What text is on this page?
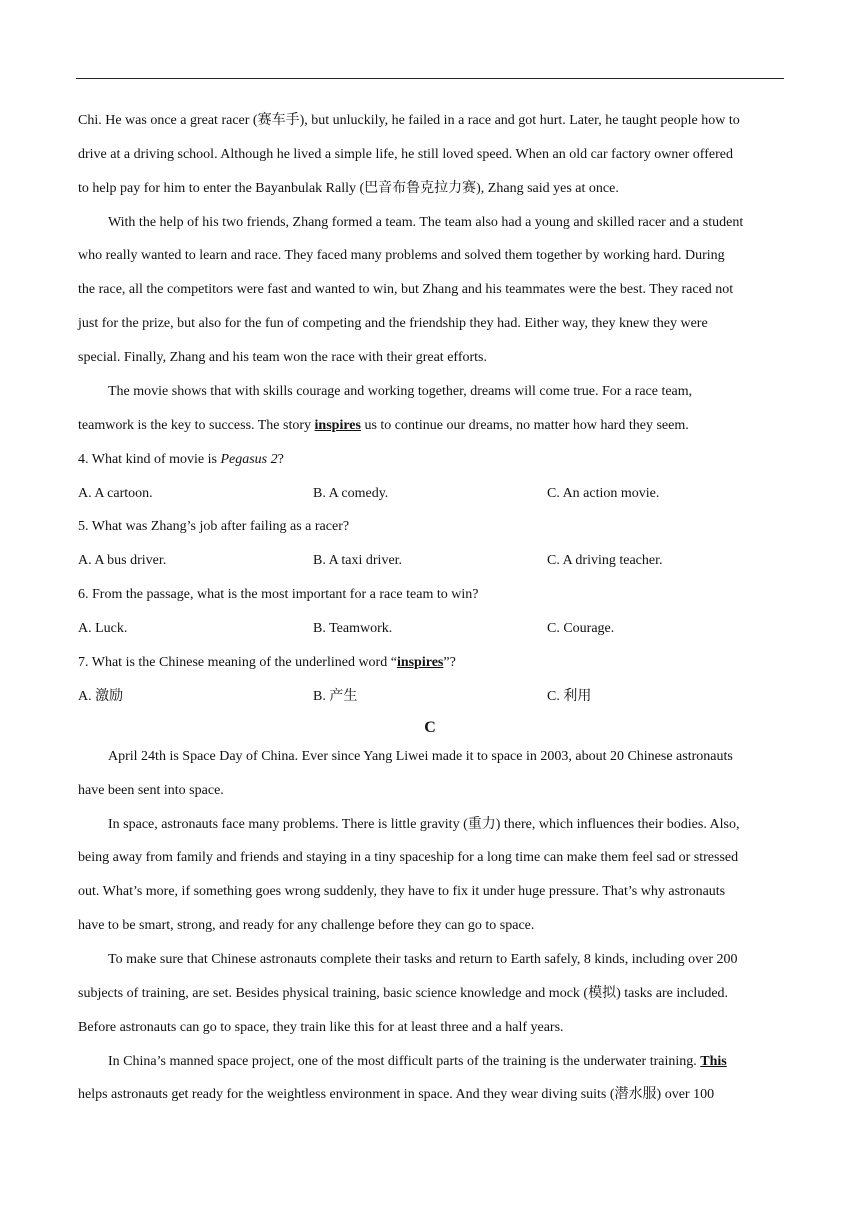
Chi. He was once a great racer (赛车手), but unluckily, he failed in a race and got hurt. Later, he taught people how to
drive at a driving school. Although he lived a simple life, he still loved speed. When an old car factory owner offered
to help pay for him to enter the Bayanbulak Rally (巴音布鲁克拉力赛), Zhang said yes at once.
With the help of his two friends, Zhang formed a team. The team also had a young and skilled racer and a student
who really wanted to learn and race. They faced many problems and solved them together by working hard. During
the race, all the competitors were fast and wanted to win, but Zhang and his teammates were the best. They raced not
just for the prize, but also for the fun of competing and the friendship they had. Either way, they knew they were
special. Finally, Zhang and his team won the race with their great efforts.
The movie shows that with skills courage and working together, dreams will come true. For a race team,
teamwork is the key to success. The story inspires us to continue our dreams, no matter how hard they seem.
4. What kind of movie is Pegasus 2?
A. A cartoon.	B. A comedy.	C. An action movie.
5. What was Zhang’s job after failing as a racer?
A. A bus driver.	B. A taxi driver.	C. A driving teacher.
6. From the passage, what is the most important for a race team to win?
A. Luck.	B. Teamwork.	C. Courage.
7. What is the Chinese meaning of the underlined word “inspires”?
A. 激励	B. 产生	C. 利用
C
April 24th is Space Day of China. Ever since Yang Liwei made it to space in 2003, about 20 Chinese astronauts
have been sent into space.
In space, astronauts face many problems. There is little gravity (重力) there, which influences their bodies. Also,
being away from family and friends and staying in a tiny spaceship for a long time can make them feel sad or stressed
out. What’s more, if something goes wrong suddenly, they have to fix it under huge pressure. That’s why astronauts
have to be smart, strong, and ready for any challenge before they can go to space.
To make sure that Chinese astronauts complete their tasks and return to Earth safely, 8 kinds, including over 200
subjects of training, are set. Besides physical training, basic science knowledge and mock (模拟) tasks are included.
Before astronauts can go to space, they train like this for at least three and a half years.
In China’s manned space project, one of the most difficult parts of the training is the underwater training. This
helps astronauts get ready for the weightless environment in space. And they wear diving suits (潜水服) over 100
